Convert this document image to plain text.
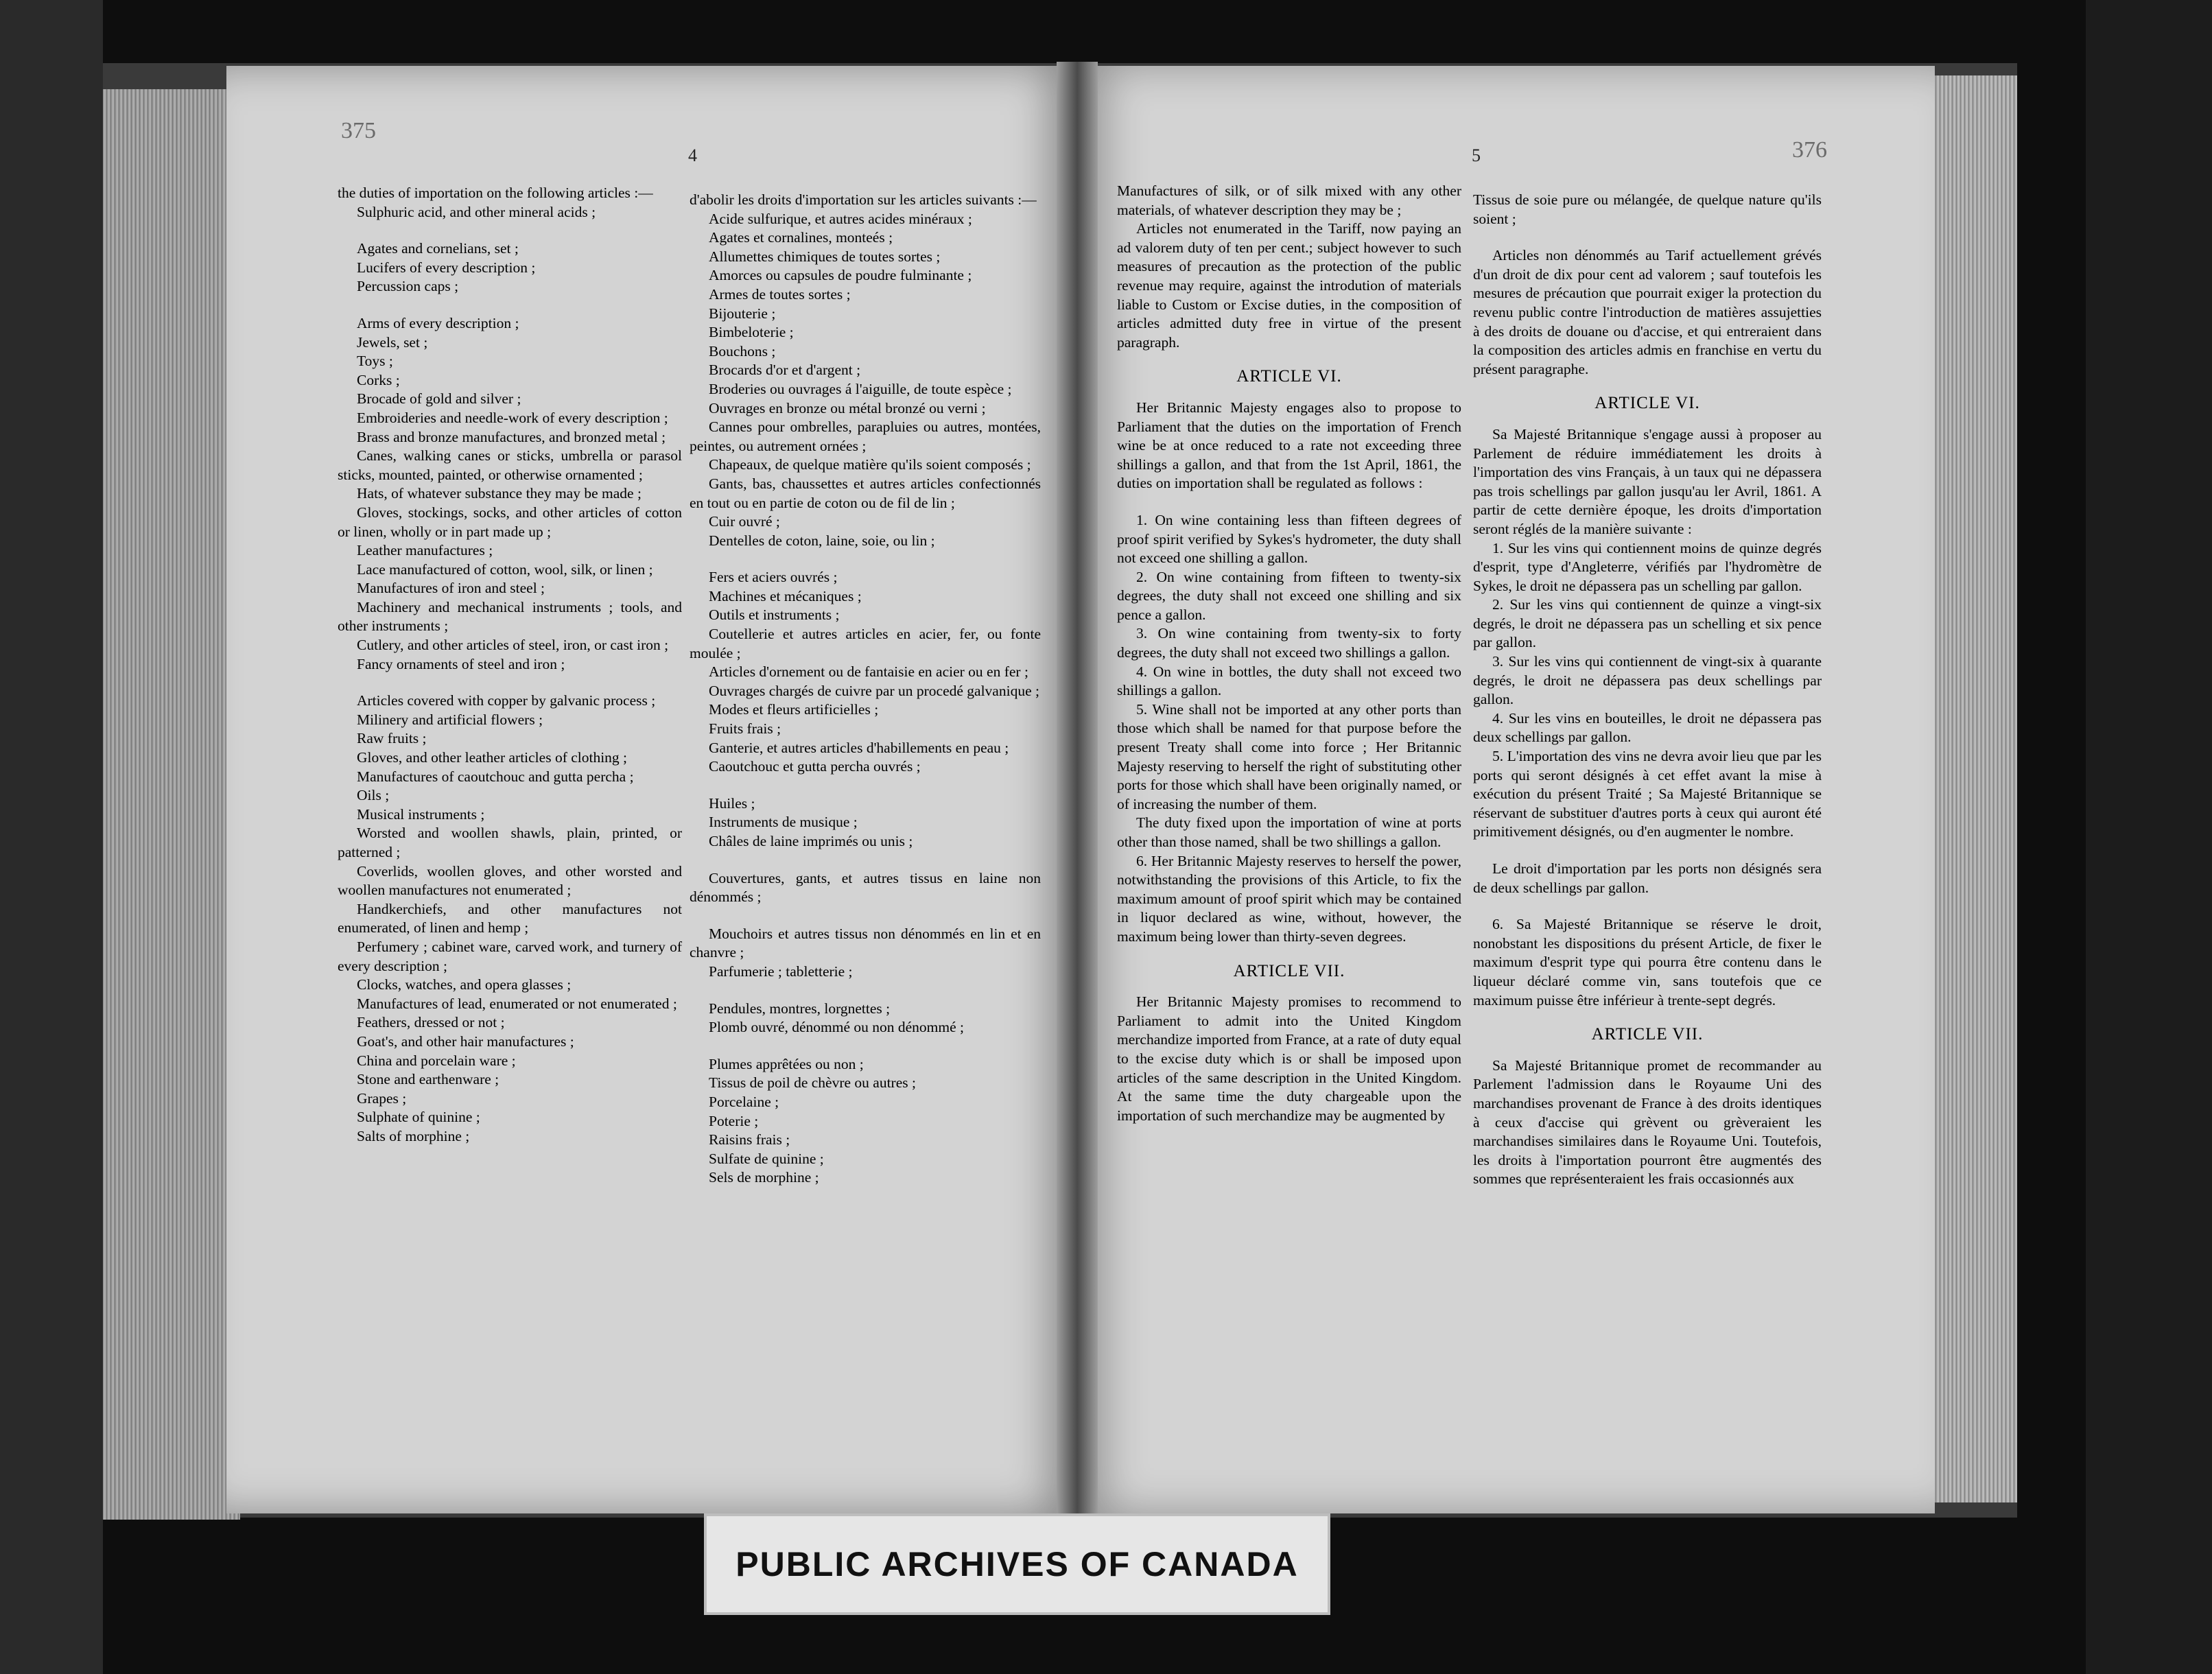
375
4	5	376

the duties of importation on the following articles :—

Sulphuric acid, and other mineral acids ;

Agates and cornelians, set ;

Lucifers of every description ;

Percussion caps ;

Arms of every description ;

Jewels, set ;

Toys ;

Corks ;

Brocade of gold and silver ;

Embroideries and needle-work of every description ;

Brass and bronze manufactures, and bronzed metal ;

Canes, walking canes or sticks, umbrella or parasol sticks, mounted, painted, or otherwise ornamented ;

Hats, of whatever substance they may be made ;

Gloves, stockings, socks, and other articles of cotton or linen, wholly or in part made up ;

Leather manufactures ;

Lace manufactured of cotton, wool, silk, or linen ;

Manufactures of iron and steel ;

Machinery and mechanical instruments ; tools, and other instruments ;

Cutlery, and other articles of steel, iron, or cast iron ;

Fancy ornaments of steel and iron ;

Articles covered with copper by galvanic process ;

Milinery and artificial flowers ;

Raw fruits ;

Gloves, and other leather articles of clothing ;

Manufactures of caoutchouc and gutta percha ;

Oils ;

Musical instruments ;

Worsted and woollen shawls, plain, printed, or patterned ;

Coverlids, woollen gloves, and other worsted and woollen manufactures not enumerated ;

Handkerchiefs, and other manufactures not enumerated, of linen and hemp ;

Perfumery ; cabinet ware, carved work, and turnery of every description ;

Clocks, watches, and opera glasses ;

Manufactures of lead, enumerated or not enumerated ;

Feathers, dressed or not ;

Goat's, and other hair manufactures ;

China and porcelain ware ;

Stone and earthenware ;

Grapes ;

Sulphate of quinine ;

Salts of morphine ;

d'abolir les droits d'importation sur les articles suivants :—

Acide sulfurique, et autres acides minéraux ;

Agates et cornalines, monteés ;

Allumettes chimiques de toutes sortes ;

Amorces ou capsules de poudre fulminante ;

Armes de toutes sortes ;

Bijouterie ;

Bimbeloterie ;

Bouchons ;

Brocards d'or et d'argent ;

Broderies ou ouvrages á l'aiguille, de toute espèce ;

Ouvrages en bronze ou métal bronzé ou verni ;

Cannes pour ombrelles, parapluies ou autres, montées, peintes, ou autrement ornées ;

Chapeaux, de quelque matière qu'ils soient composés ;

Gants, bas, chaussettes et autres articles confectionnés en tout ou en partie de coton ou de fil de lin ;

Cuir ouvré ;

Dentelles de coton, laine, soie, ou lin ;

Fers et aciers ouvrés ;

Machines et mécaniques ;

Outils et instruments ;

Coutellerie et autres articles en acier, fer, ou fonte moulée ;

Articles d'ornement ou de fantaisie en acier ou en fer ;

Ouvrages chargés de cuivre par un procedé galvanique ;

Modes et fleurs artificielles ;

Fruits frais ;

Ganterie, et autres articles d'habillements en peau ;

Caoutchouc et gutta percha ouvrés ;

Huiles ;

Instruments de musique ;

Châles de laine imprimés ou unis ;

Couvertures, gants, et autres tissus en laine non dénommés ;

Mouchoirs et autres tissus non dénommés en lin et en chanvre ;

Parfumerie ; tabletterie ;

Pendules, montres, lorgnettes ;

Plomb ouvré, dénommé ou non dénommé ;

Plumes apprêtées ou non ;

Tissus de poil de chèvre ou autres ;

Porcelaine ;

Poterie ;

Raisins frais ;

Sulfate de quinine ;

Sels de morphine ;

Manufactures of silk, or of silk mixed with any other materials, of whatever description they may be ;

Articles not enumerated in the Tariff, now paying an ad valorem duty of ten per cent.; subject however to such measures of precaution as the protection of the public revenue may require, against the introdution of materials liable to Custom or Excise duties, in the composition of articles admitted duty free in virtue of the present paragraph.

ARTICLE VI.

Her Britannic Majesty engages also to propose to Parliament that the duties on the importation of French wine be at once reduced to a rate not exceeding three shillings a gallon, and that from the 1st April, 1861, the duties on importation shall be regulated as follows :

1. On wine containing less than fifteen degrees of proof spirit verified by Sykes's hydrometer, the duty shall not exceed one shilling a gallon.

2. On wine containing from fifteen to twenty-six degrees, the duty shall not exceed one shilling and six pence a gallon.

3. On wine containing from twenty-six to forty degrees, the duty shall not exceed two shillings a gallon.

4. On wine in bottles, the duty shall not exceed two shillings a gallon.

5. Wine shall not be imported at any other ports than those which shall be named for that purpose before the present Treaty shall come into force ; Her Britannic Majesty reserving to herself the right of substituting other ports for those which shall have been originally named, or of increasing the number of them.

The duty fixed upon the importation of wine at ports other than those named, shall be two shillings a gallon.

6. Her Britannic Majesty reserves to herself the power, notwithstanding the provisions of this Article, to fix the maximum amount of proof spirit which may be contained in liquor declared as wine, without, however, the maximum being lower than thirty-seven degrees.

ARTICLE VII.

Her Britannic Majesty promises to recommend to Parliament to admit into the United Kingdom merchandize imported from France, at a rate of duty equal to the excise duty which is or shall be imposed upon articles of the same description in the United Kingdom. At the same time the duty chargeable upon the importation of such merchandize may be augmented by

Tissus de soie pure ou mélangée, de quelque nature qu'ils soient ;

Articles non dénommés au Tarif actuellement grévés d'un droit de dix pour cent ad valorem ; sauf toutefois les mesures de précaution que pourrait exiger la protection du revenu public contre l'introduction de matières assujetties à des droits de douane ou d'accise, et qui entreraient dans la composition des articles admis en franchise en vertu du présent paragraphe.

ARTICLE VI.

Sa Majesté Britannique s'engage aussi à proposer au Parlement de réduire immédiatement les droits à l'importation des vins Français, à un taux qui ne dépassera pas trois schellings par gallon jusqu'au ler Avril, 1861. A partir de cette dernière époque, les droits d'importation seront réglés de la manière suivante :

1. Sur les vins qui contiennent moins de quinze degrés d'esprit, type d'Angleterre, vérifiés par l'hydromètre de Sykes, le droit ne dépassera pas un schelling par gallon.

2. Sur les vins qui contiennent de quinze a vingt-six degrés, le droit ne dépassera pas un schelling et six pence par gallon.

3. Sur les vins qui contiennent de vingt-six à quarante degrés, le droit ne dépassera pas deux schellings par gallon.

4. Sur les vins en bouteilles, le droit ne dépassera pas deux schellings par gallon.

5. L'importation des vins ne devra avoir lieu que par les ports qui seront désignés à cet effet avant la mise à exécution du présent Traité ; Sa Majesté Britannique se réservant de substituer d'autres ports à ceux qui auront été primitivement désignés, ou d'en augmenter le nombre.

Le droit d'importation par les ports non désignés sera de deux schellings par gallon.

6. Sa Majesté Britannique se réserve le droit, nonobstant les dispositions du présent Article, de fixer le maximum d'esprit type qui pourra être contenu dans le liqueur déclaré comme vin, sans toutefois que ce maximum puisse être inférieur à trente-sept degrés.

ARTICLE VII.

Sa Majesté Britannique promet de recommander au Parlement l'admission dans le Royaume Uni des marchandises provenant de France à des droits identiques à ceux d'accise qui grèvent ou grèveraient les marchandises similaires dans le Royaume Uni. Toutefois, les droits à l'importation pourront être augmentés des sommes que représenteraient les frais occasionnés aux

PUBLIC ARCHIVES OF CANADA
